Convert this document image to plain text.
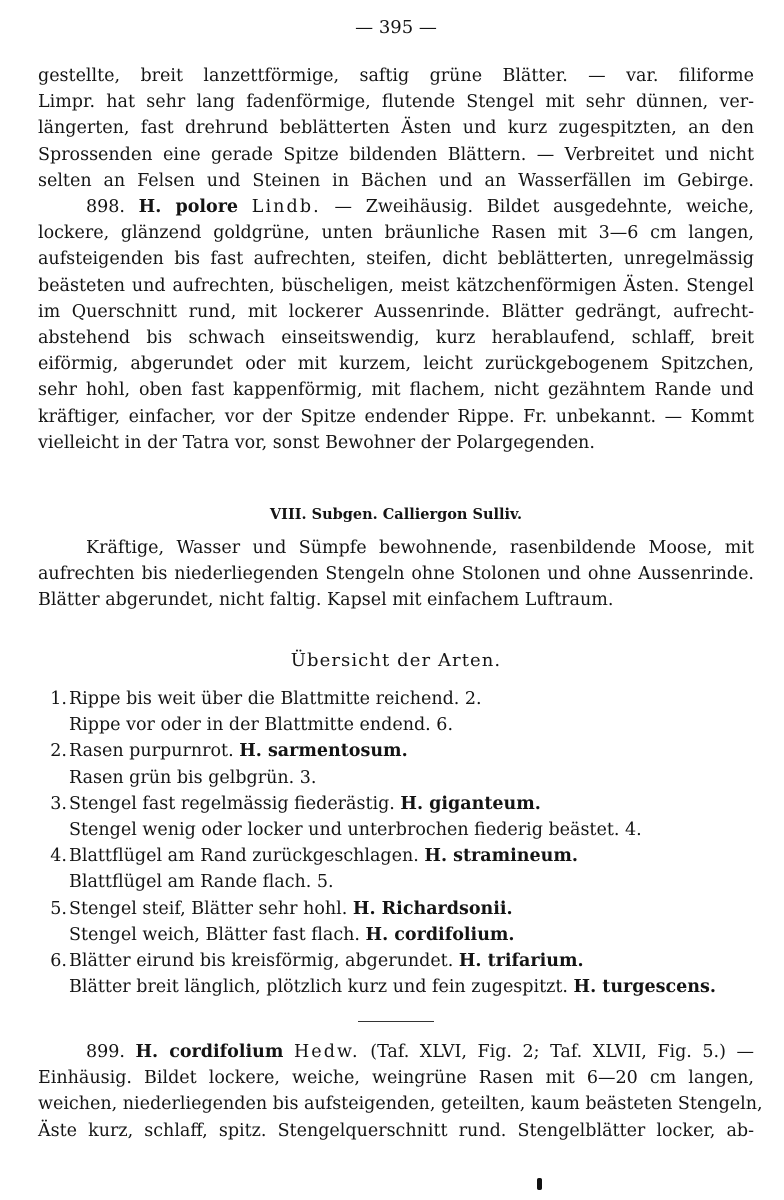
— 395 —
gestellte, breit lanzettförmige, saftig grüne Blätter. — var. filiforme
Limpr. hat sehr lang fadenförmige, flutende Stengel mit sehr dünnen, ver-
längerten, fast drehrund beblätterten Ästen und kurz zugespitzten, an den
Sprossenden eine gerade Spitze bildenden Blättern. — Verbreitet und nicht
selten an Felsen und Steinen in Bächen und an Wasserfällen im Gebirge.
898. H. polore Lindb. — Zweihäusig. Bildet ausgedehnte, weiche,
lockere, glänzend goldgrüne, unten bräunliche Rasen mit 3—6 cm langen,
aufsteigenden bis fast aufrechten, steifen, dicht beblätterten, unregelmässig
beästeten und aufrechten, büscheligen, meist kätzchenförmigen Ästen. Stengel
im Querschnitt rund, mit lockerer Aussenrinde. Blätter gedrängt, aufrecht-
abstehend bis schwach einseitswendig, kurz herablaufend, schlaff, breit
eiförmig, abgerundet oder mit kurzem, leicht zurückgebogenem Spitzchen,
sehr hohl, oben fast kappenförmig, mit flachem, nicht gezähntem Rande und
kräftiger, einfacher, vor der Spitze endender Rippe. Fr. unbekannt. — Kommt
vielleicht in der Tatra vor, sonst Bewohner der Polargegenden.
VIII. Subgen. Calliergon Sulliv.
Kräftige, Wasser und Sümpfe bewohnende, rasenbildende Moose, mit
aufrechten bis niederliegenden Stengeln ohne Stolonen und ohne Aussenrinde.
Blätter abgerundet, nicht faltig. Kapsel mit einfachem Luftraum.
Übersicht der Arten.
1. Rippe bis weit über die Blattmitte reichend. 2.
Rippe vor oder in der Blattmitte endend. 6.
2. Rasen purpurnrot. H. sarmentosum.
Rasen grün bis gelbgrün. 3.
3. Stengel fast regelmässig fiederästig. H. giganteum.
Stengel wenig oder locker und unterbrochen fiederig beästet. 4.
4. Blattflügel am Rand zurückgeschlagen. H. stramineum.
Blattflügel am Rande flach. 5.
5. Stengel steif, Blätter sehr hohl. H. Richardsonii.
Stengel weich, Blätter fast flach. H. cordifolium.
6. Blätter eirund bis kreisförmig, abgerundet. H. trifarium.
Blätter breit länglich, plötzlich kurz und fein zugespitzt. H. turgescens.
899. H. cordifolium Hedw. (Taf. XLVI, Fig. 2; Taf. XLVII, Fig. 5.) —
Einhäusig. Bildet lockere, weiche, weingrüne Rasen mit 6—20 cm langen,
weichen, niederliegenden bis aufsteigenden, geteilten, kaum beästeten Stengeln,
Äste kurz, schlaff, spitz. Stengelquerschnitt rund. Stengelblätter locker, ab-
